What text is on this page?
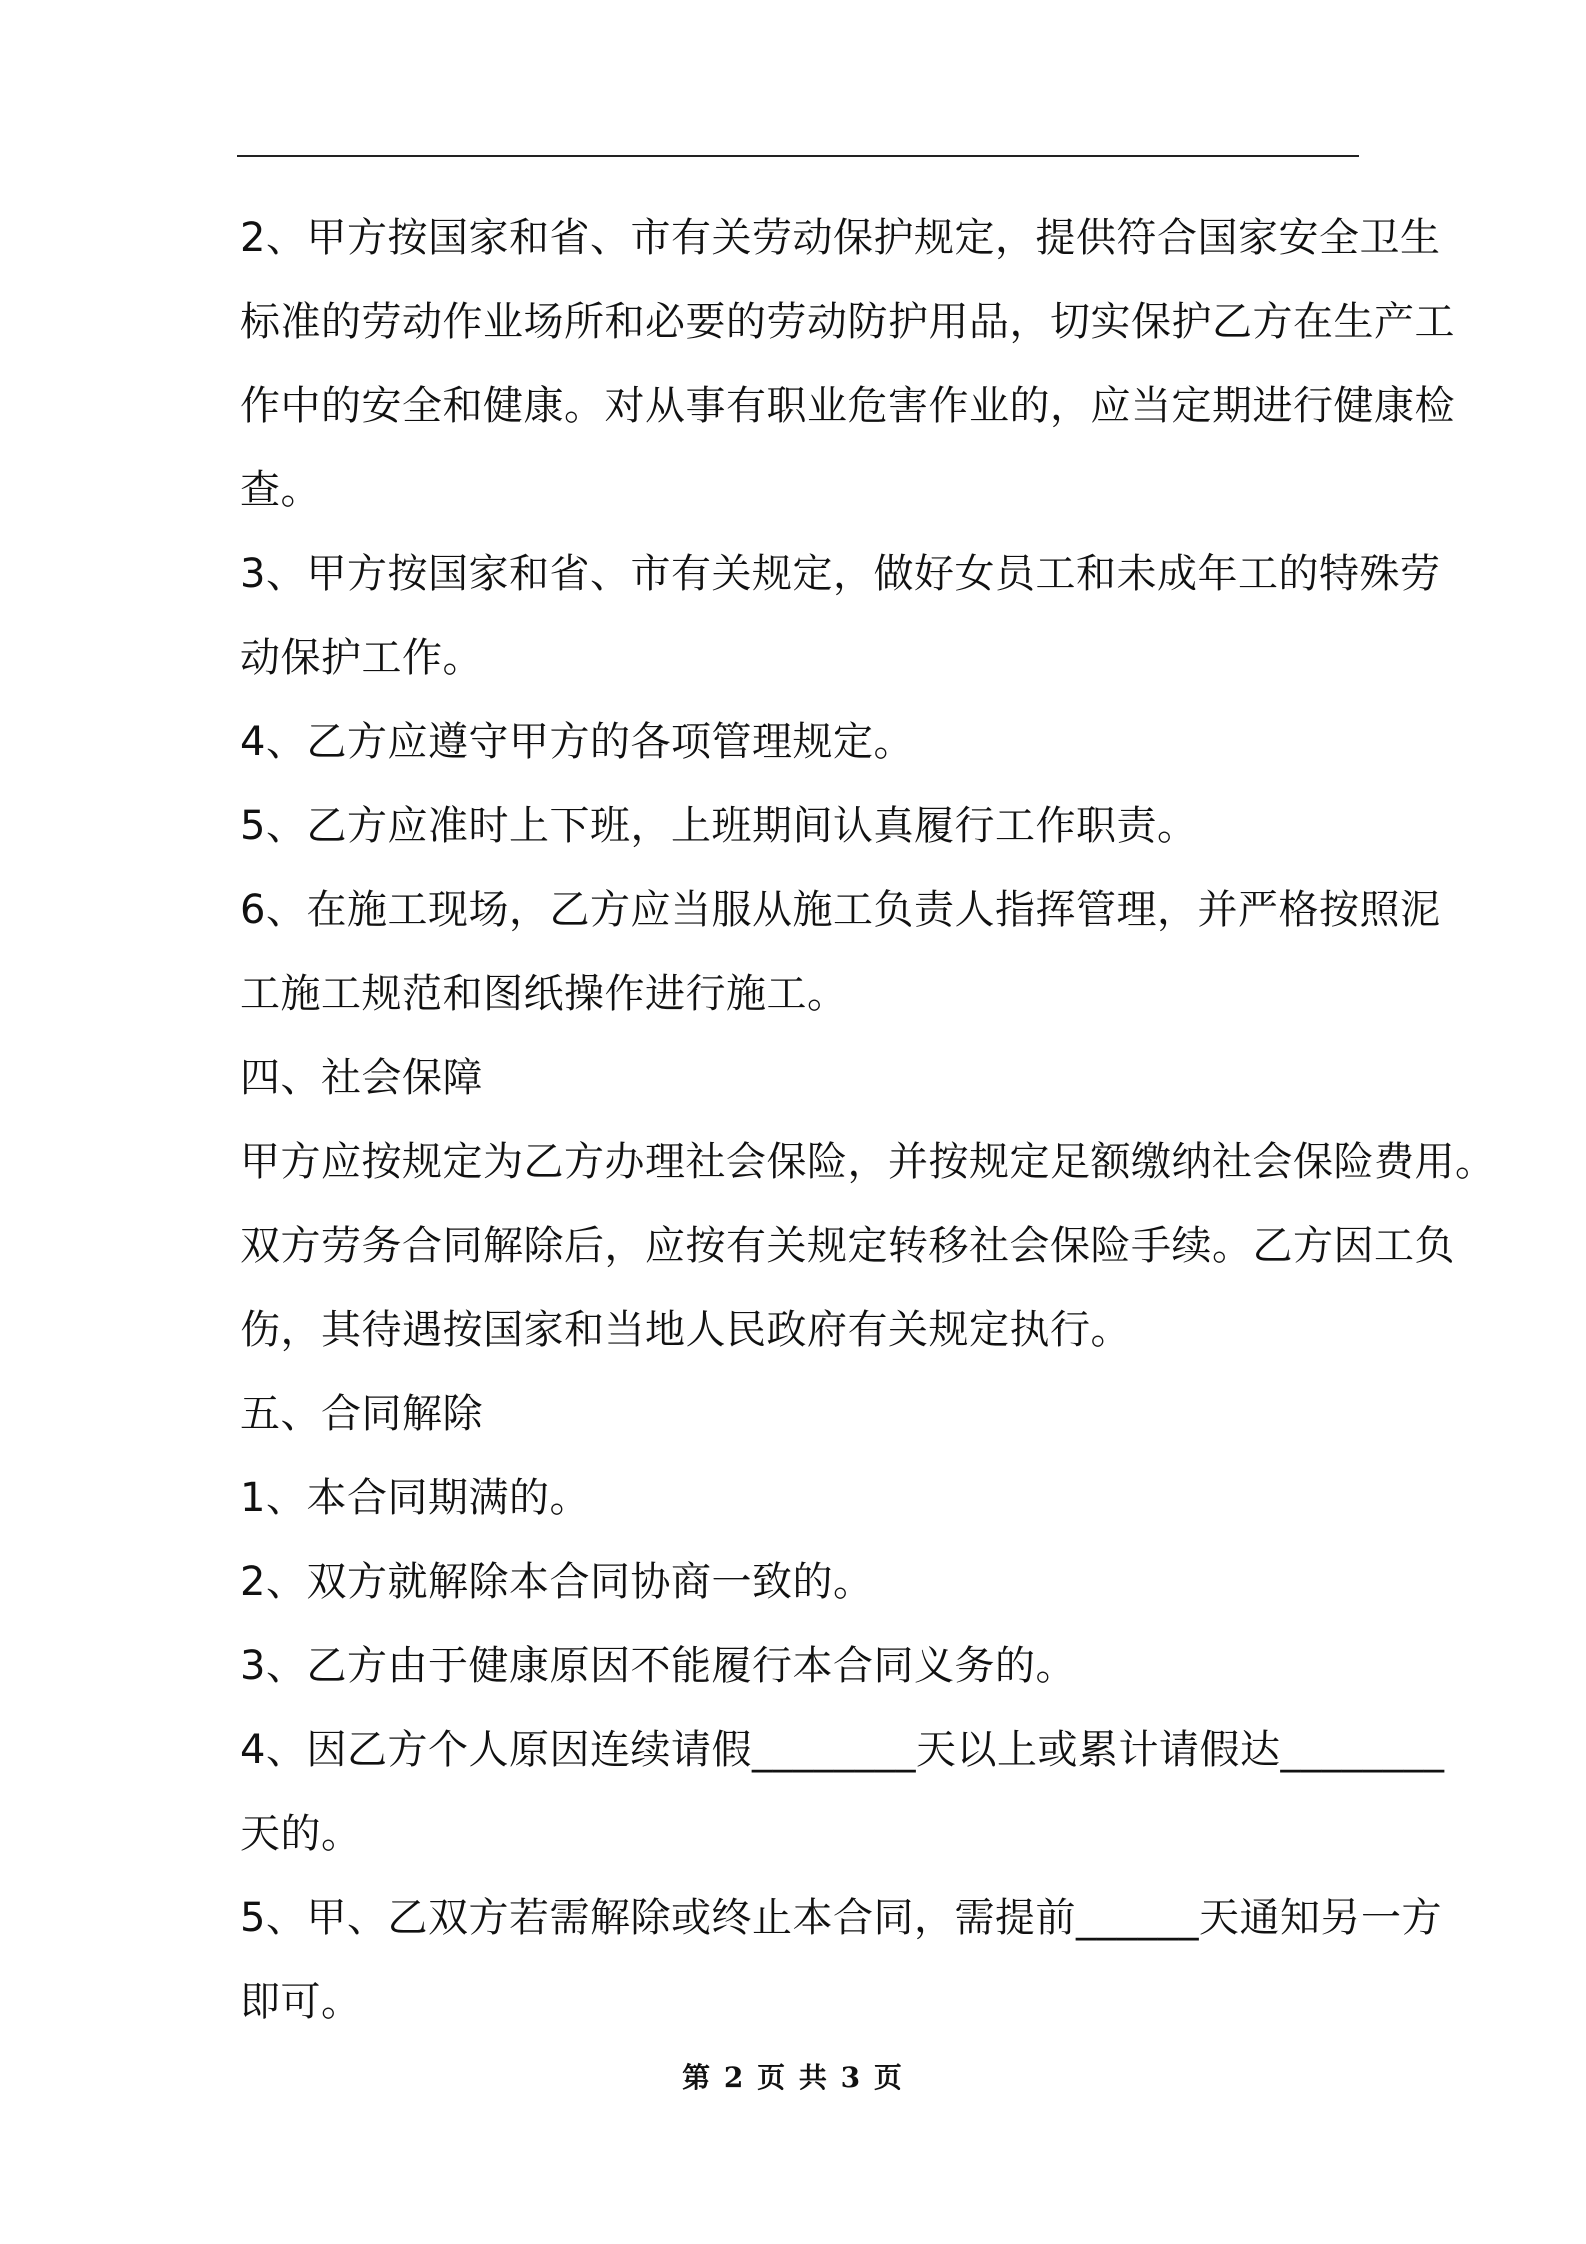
2、甲方按国家和省、市有关劳动保护规定，提供符合国家安全卫生
标准的劳动作业场所和必要的劳动防护用品，切实保护乙方在生产工
作中的安全和健康。对从事有职业危害作业的，应当定期进行健康检
查。
3、甲方按国家和省、市有关规定，做好女员工和未成年工的特殊劳
动保护工作。
4、乙方应遵守甲方的各项管理规定。
5、乙方应准时上下班，上班期间认真履行工作职责。
6、在施工现场，乙方应当服从施工负责人指挥管理，并严格按照泥
工施工规范和图纸操作进行施工。
四、社会保障
甲方应按规定为乙方办理社会保险，并按规定足额缴纳社会保险费用。
双方劳务合同解除后，应按有关规定转移社会保险手续。乙方因工负
伤，其待遇按国家和当地人民政府有关规定执行。
五、合同解除
1、本合同期满的。
2、双方就解除本合同协商一致的。
3、乙方由于健康原因不能履行本合同义务的。
4、因乙方个人原因连续请假________天以上或累计请假达________
天的。
5、甲、乙双方若需解除或终止本合同，需提前______天通知另一方
即可。
第 2 页 共 3 页
